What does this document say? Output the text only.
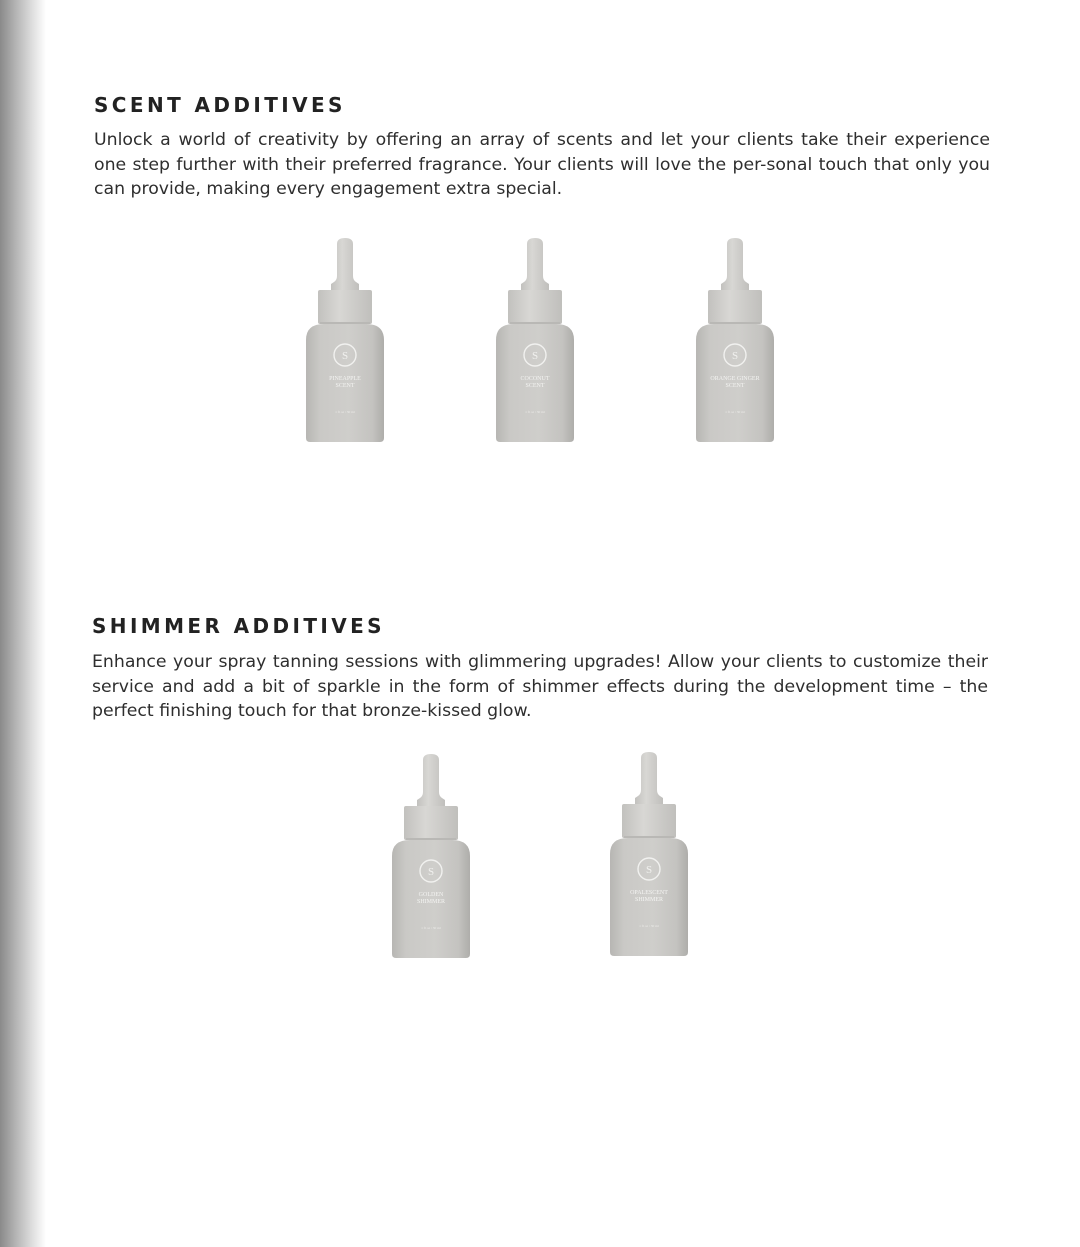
SCENT ADDITIVES

Unlock a world of creativity by offering an array of scents and let your clients take their experience one step further with their preferred fragrance. Your clients will love the per-sonal touch that only you can provide, making every engagement extra special.

S
PINEAPPLE
SCENT
1 fl oz / 30 ml
S
COCONUT
SCENT
1 fl oz / 30 ml
S
ORANGE GINGER
SCENT
1 fl oz / 30 ml
SHIMMER ADDITIVES

Enhance your spray tanning sessions with glimmering upgrades! Allow your clients to customize their service and add a bit of sparkle in the form of shimmer effects during the development time – the perfect finishing touch for that bronze-kissed glow.

S
GOLDEN
SHIMMER
1 fl oz / 30 ml
S
OPALESCENT
SHIMMER
1 fl oz / 30 ml
